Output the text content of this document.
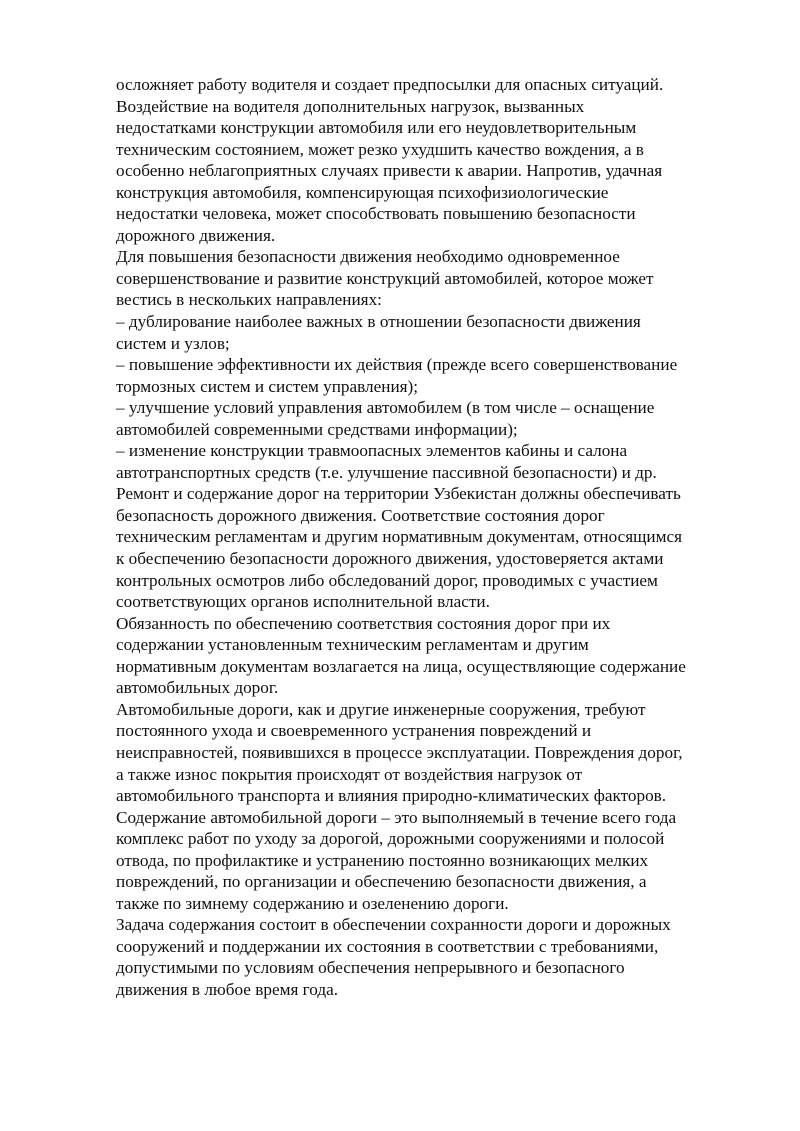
осложняет работу водителя и создает предпосылки для опасных ситуаций.
Воздействие на водителя дополнительных нагрузок, вызванных
недостатками конструкции автомобиля или его неудовлетворительным
техническим состоянием, может резко ухудшить качество вождения, а в
особенно неблагоприятных случаях привести к аварии. Напротив, удачная
конструкция автомобиля, компенсирующая психофизиологические
недостатки человека, может способствовать повышению безопасности
дорожного движения.
Для повышения безопасности движения необходимо одновременное
совершенствование и развитие конструкций автомобилей, которое может
вестись в нескольких направлениях:
– дублирование наиболее важных в отношении безопасности движения
систем и узлов;
– повышение эффективности их действия (прежде всего совершенствование
тормозных систем и систем управления);
– улучшение условий управления автомобилем (в том числе – оснащение
автомобилей современными средствами информации);
– изменение конструкции травмоопасных элементов кабины и салона
автотранспортных средств (т.е. улучшение пассивной безопасности) и др.
Ремонт и содержание дорог на территории Узбекистан должны обеспечивать
безопасность дорожного движения. Соответствие состояния дорог
техническим регламентам и другим нормативным документам, относящимся
к обеспечению безопасности дорожного движения, удостоверяется актами
контрольных осмотров либо обследований дорог, проводимых с участием
соответствующих органов исполнительной власти.
Обязанность по обеспечению соответствия состояния дорог при их
содержании установленным техническим регламентам и другим
нормативным документам возлагается на лица, осуществляющие содержание
автомобильных дорог.
Автомобильные дороги, как и другие инженерные сооружения, требуют
постоянного ухода и своевременного устранения повреждений и
неисправностей, появившихся в процессе эксплуатации. Повреждения дорог,
а также износ покрытия происходят от воздействия нагрузок от
автомобильного транспорта и влияния природно-климатических факторов.
Содержание автомобильной дороги – это выполняемый в течение всего года
комплекс работ по уходу за дорогой, дорожными сооружениями и полосой
отвода, по профилактике и устранению постоянно возникающих мелких
повреждений, по организации и обеспечению безопасности движения, а
также по зимнему содержанию и озеленению дороги.
Задача содержания состоит в обеспечении сохранности дороги и дорожных
сооружений и поддержании их состояния в соответствии с требованиями,
допустимыми по условиям обеспечения непрерывного и безопасного
движения в любое время года.
